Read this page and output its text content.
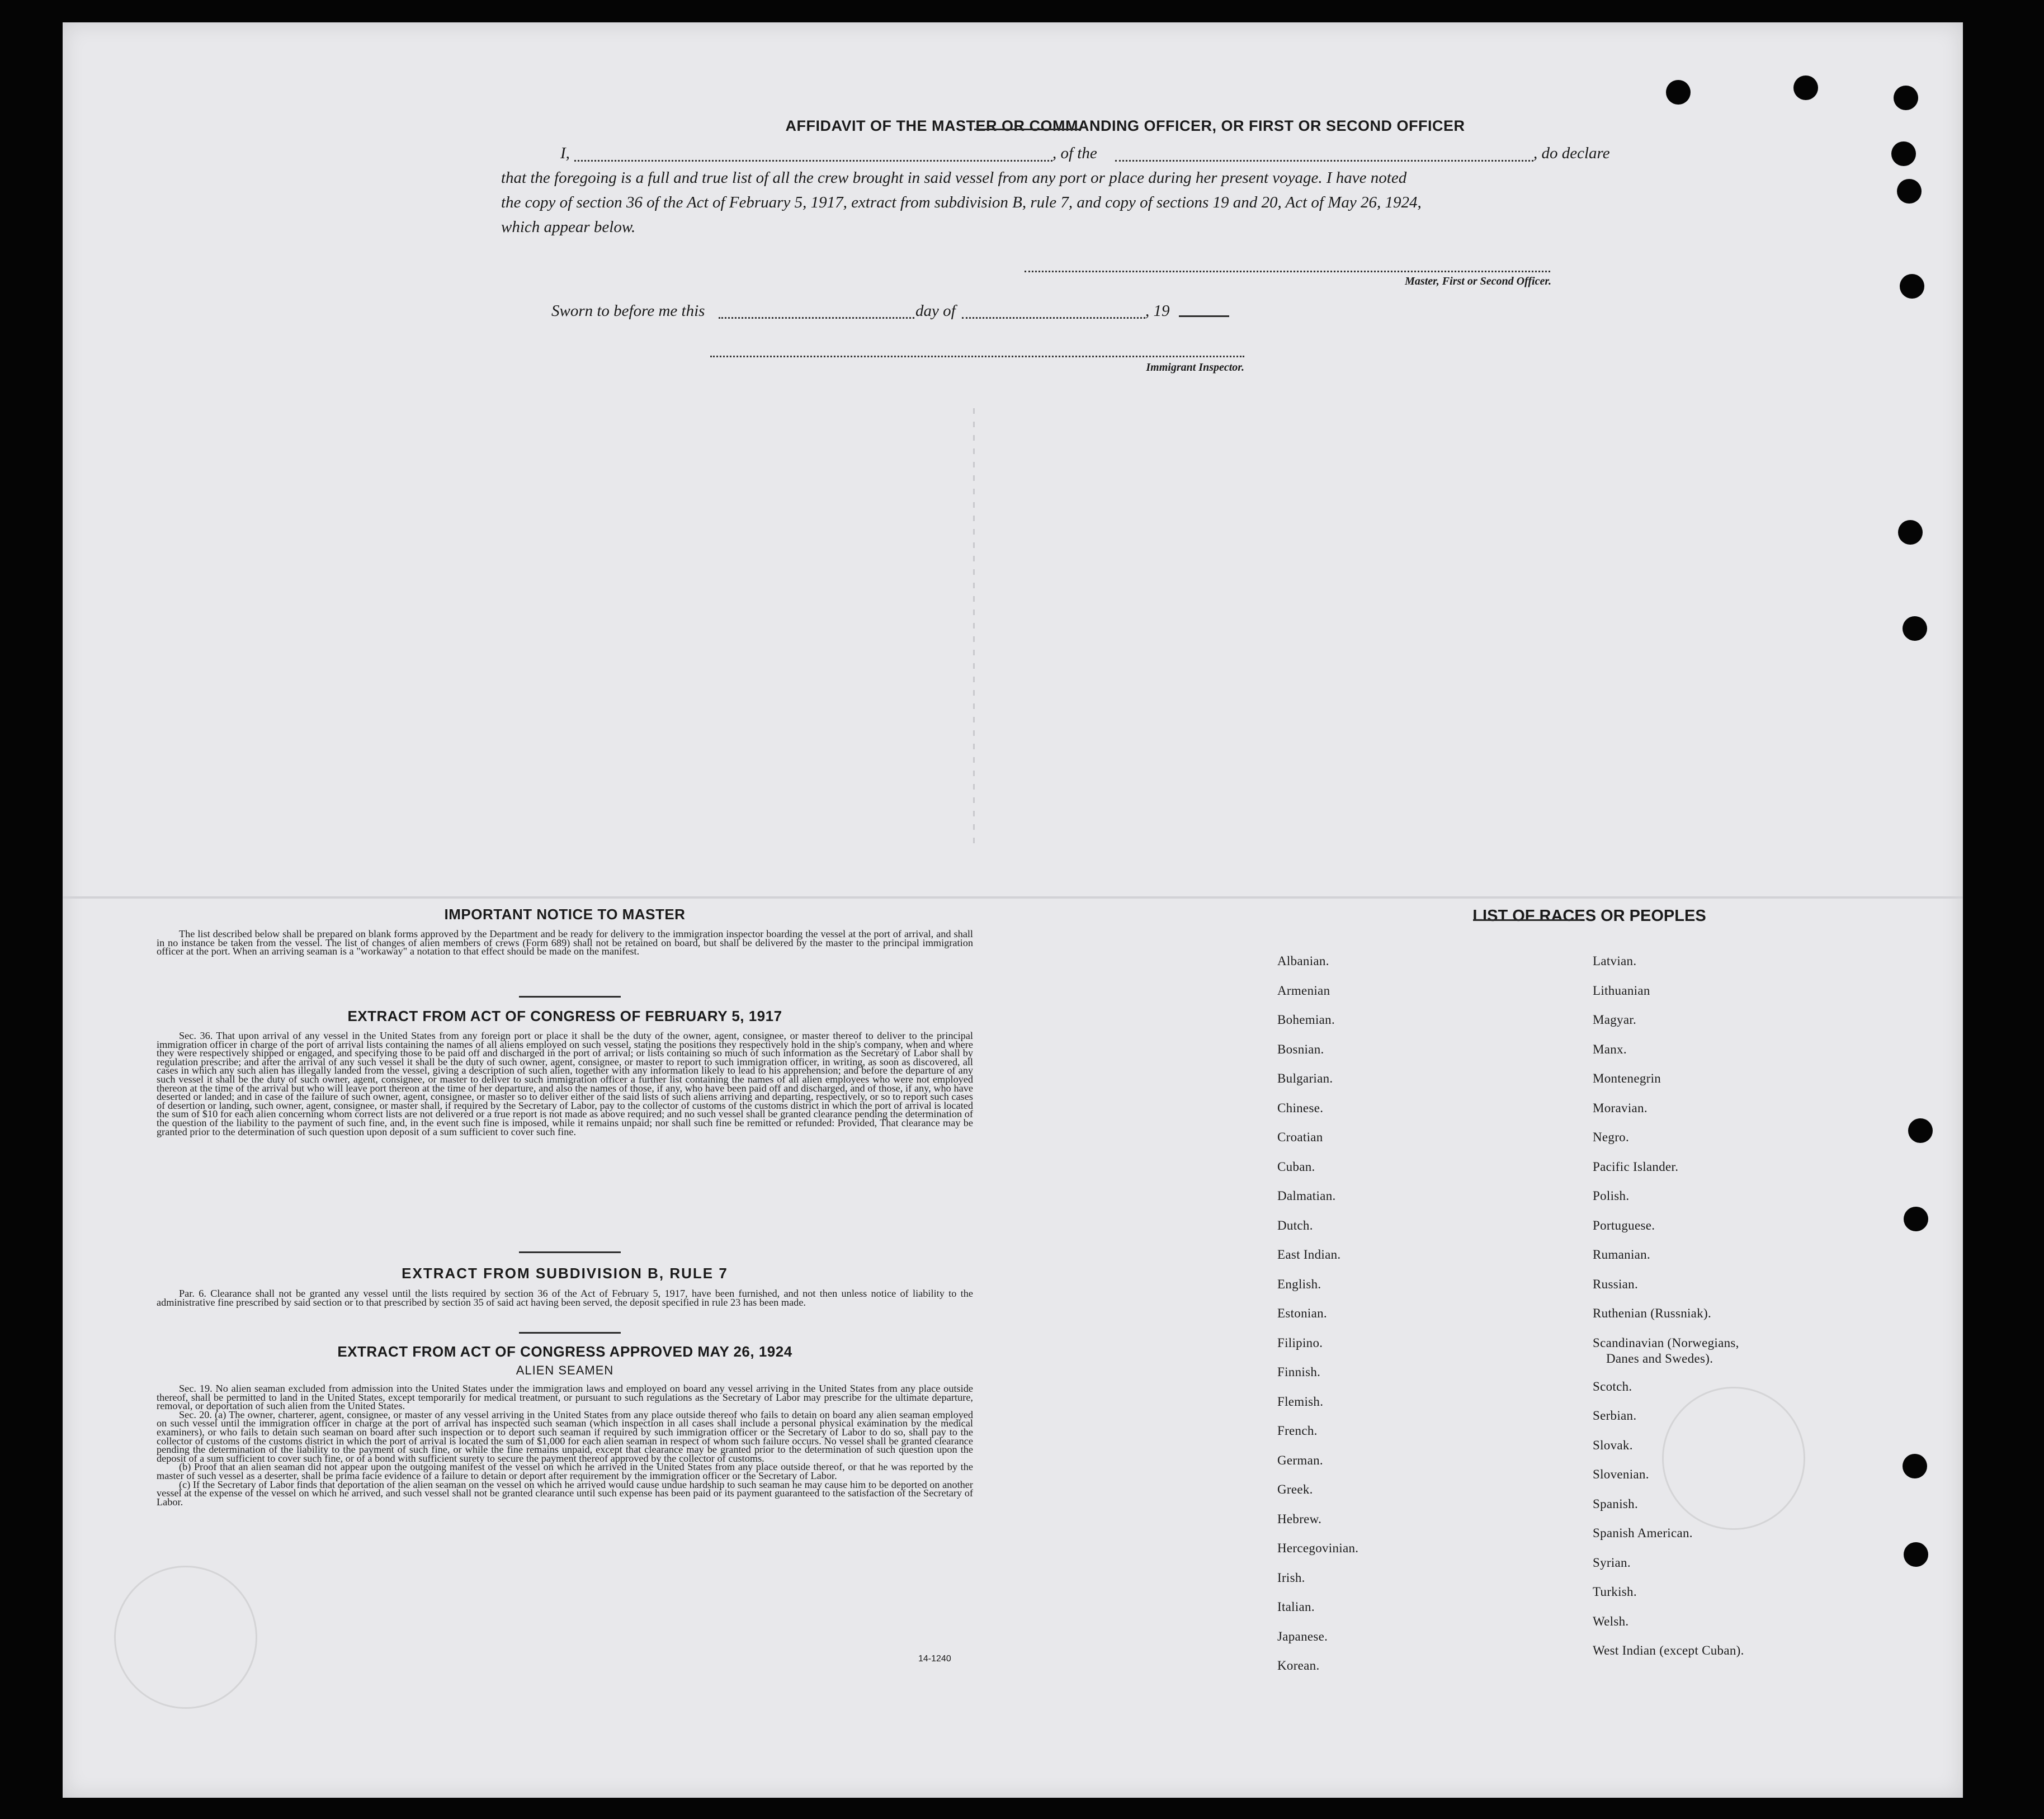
AFFIDAVIT OF THE MASTER OR COMMANDING OFFICER, OR FIRST OR SECOND OFFICER
I,	, of the	, do declare
that the foregoing is a full and true list of all the crew brought in said vessel from any port or place during her present voyage. I have noted
the copy of section 36 of the Act of February 5, 1917, extract from subdivision B, rule 7, and copy of sections 19 and 20, Act of May 26, 1924,
which appear below.
Master, First or Second Officer.
Sworn to before me this	day of	, 19
Immigrant Inspector.
IMPORTANT NOTICE TO MASTER

The list described below shall be prepared on blank forms approved by the Department and be ready for delivery to the immigration inspector boarding the vessel at the port of arrival, and shall in no instance be taken from the vessel. The list of changes of alien members of crews (Form 689) shall not be retained on board, but shall be delivered by the master to the principal immigration officer at the port. When an arriving seaman is a "workaway" a notation to that effect should be made on the manifest.

EXTRACT FROM ACT OF CONGRESS OF FEBRUARY 5, 1917

Sec. 36. That upon arrival of any vessel in the United States from any foreign port or place it shall be the duty of the owner, agent, consignee, or master thereof to deliver to the principal immigration officer in charge of the port of arrival lists containing the names of all aliens employed on such vessel, stating the positions they respectively hold in the ship's company, when and where they were respectively shipped or engaged, and specifying those to be paid off and discharged in the port of arrival; or lists containing so much of such information as the Secretary of Labor shall by regulation prescribe; and after the arrival of any such vessel it shall be the duty of such owner, agent, consignee, or master to report to such immigration officer, in writing, as soon as discovered, all cases in which any such alien has illegally landed from the vessel, giving a description of such alien, together with any information likely to lead to his apprehension; and before the departure of any such vessel it shall be the duty of such owner, agent, consignee, or master to deliver to such immigration officer a further list containing the names of all alien employees who were not employed thereon at the time of the arrival but who will leave port thereon at the time of her departure, and also the names of those, if any, who have been paid off and discharged, and of those, if any, who have deserted or landed; and in case of the failure of such owner, agent, consignee, or master so to deliver either of the said lists of such aliens arriving and departing, respectively, or so to report such cases of desertion or landing, such owner, agent, consignee, or master shall, if required by the Secretary of Labor, pay to the collector of customs of the customs district in which the port of arrival is located the sum of $10 for each alien concerning whom correct lists are not delivered or a true report is not made as above required; and no such vessel shall be granted clearance pending the determination of the question of the liability to the payment of such fine, and, in the event such fine is imposed, while it remains unpaid; nor shall such fine be remitted or refunded: Provided, That clearance may be granted prior to the determination of such question upon deposit of a sum sufficient to cover such fine.

EXTRACT FROM SUBDIVISION B, RULE 7

Par. 6. Clearance shall not be granted any vessel until the lists required by section 36 of the Act of February 5, 1917, have been furnished, and not then unless notice of liability to the administrative fine prescribed by said section or to that prescribed by section 35 of said act having been served, the deposit specified in rule 23 has been made.

EXTRACT FROM ACT OF CONGRESS APPROVED MAY 26, 1924
ALIEN SEAMEN

Sec. 19. No alien seaman excluded from admission into the United States under the immigration laws and employed on board any vessel arriving in the United States from any place outside thereof, shall be permitted to land in the United States, except temporarily for medical treatment, or pursuant to such regulations as the Secretary of Labor may prescribe for the ultimate departure, removal, or deportation of such alien from the United States.

Sec. 20. (a) The owner, charterer, agent, consignee, or master of any vessel arriving in the United States from any place outside thereof who fails to detain on board any alien seaman employed on such vessel until the immigration officer in charge at the port of arrival has inspected such seaman (which inspection in all cases shall include a personal physical examination by the medical examiners), or who fails to detain such seaman on board after such inspection or to deport such seaman if required by such immigration officer or the Secretary of Labor to do so, shall pay to the collector of customs of the customs district in which the port of arrival is located the sum of $1,000 for each alien seaman in respect of whom such failure occurs. No vessel shall be granted clearance pending the determination of the liability to the payment of such fine, or while the fine remains unpaid, except that clearance may be granted prior to the determination of such question upon the deposit of a sum sufficient to cover such fine, or of a bond with sufficient surety to secure the payment thereof approved by the collector of customs.

(b) Proof that an alien seaman did not appear upon the outgoing manifest of the vessel on which he arrived in the United States from any place outside thereof, or that he was reported by the master of such vessel as a deserter, shall be prima facie evidence of a failure to detain or deport after requirement by the immigration officer or the Secretary of Labor.

(c) If the Secretary of Labor finds that deportation of the alien seaman on the vessel on which he arrived would cause undue hardship to such seaman he may cause him to be deported on another vessel at the expense of the vessel on which he arrived, and such vessel shall not be granted clearance until such expense has been paid or its payment guaranteed to the satisfaction of the Secretary of Labor.

14-1240
LIST OF RACES OR PEOPLES
Albanian.
Armenian
Bohemian.
Bosnian.
Bulgarian.
Chinese.
Croatian
Cuban.
Dalmatian.
Dutch.
East Indian.
English.
Estonian.
Filipino.
Finnish.
Flemish.
French.
German.
Greek.
Hebrew.
Hercegovinian.
Irish.
Italian.
Japanese.
Korean.
Latvian.
Lithuanian
Magyar.
Manx.
Montenegrin
Moravian.
Negro.
Pacific Islander.
Polish.
Portuguese.
Rumanian.
Russian.
Ruthenian (Russniak).
Scandinavian (Norwegians,
Danes and Swedes).
Scotch.
Serbian.
Slovak.
Slovenian.
Spanish.
Spanish American.
Syrian.
Turkish.
Welsh.
West Indian (except Cuban).
